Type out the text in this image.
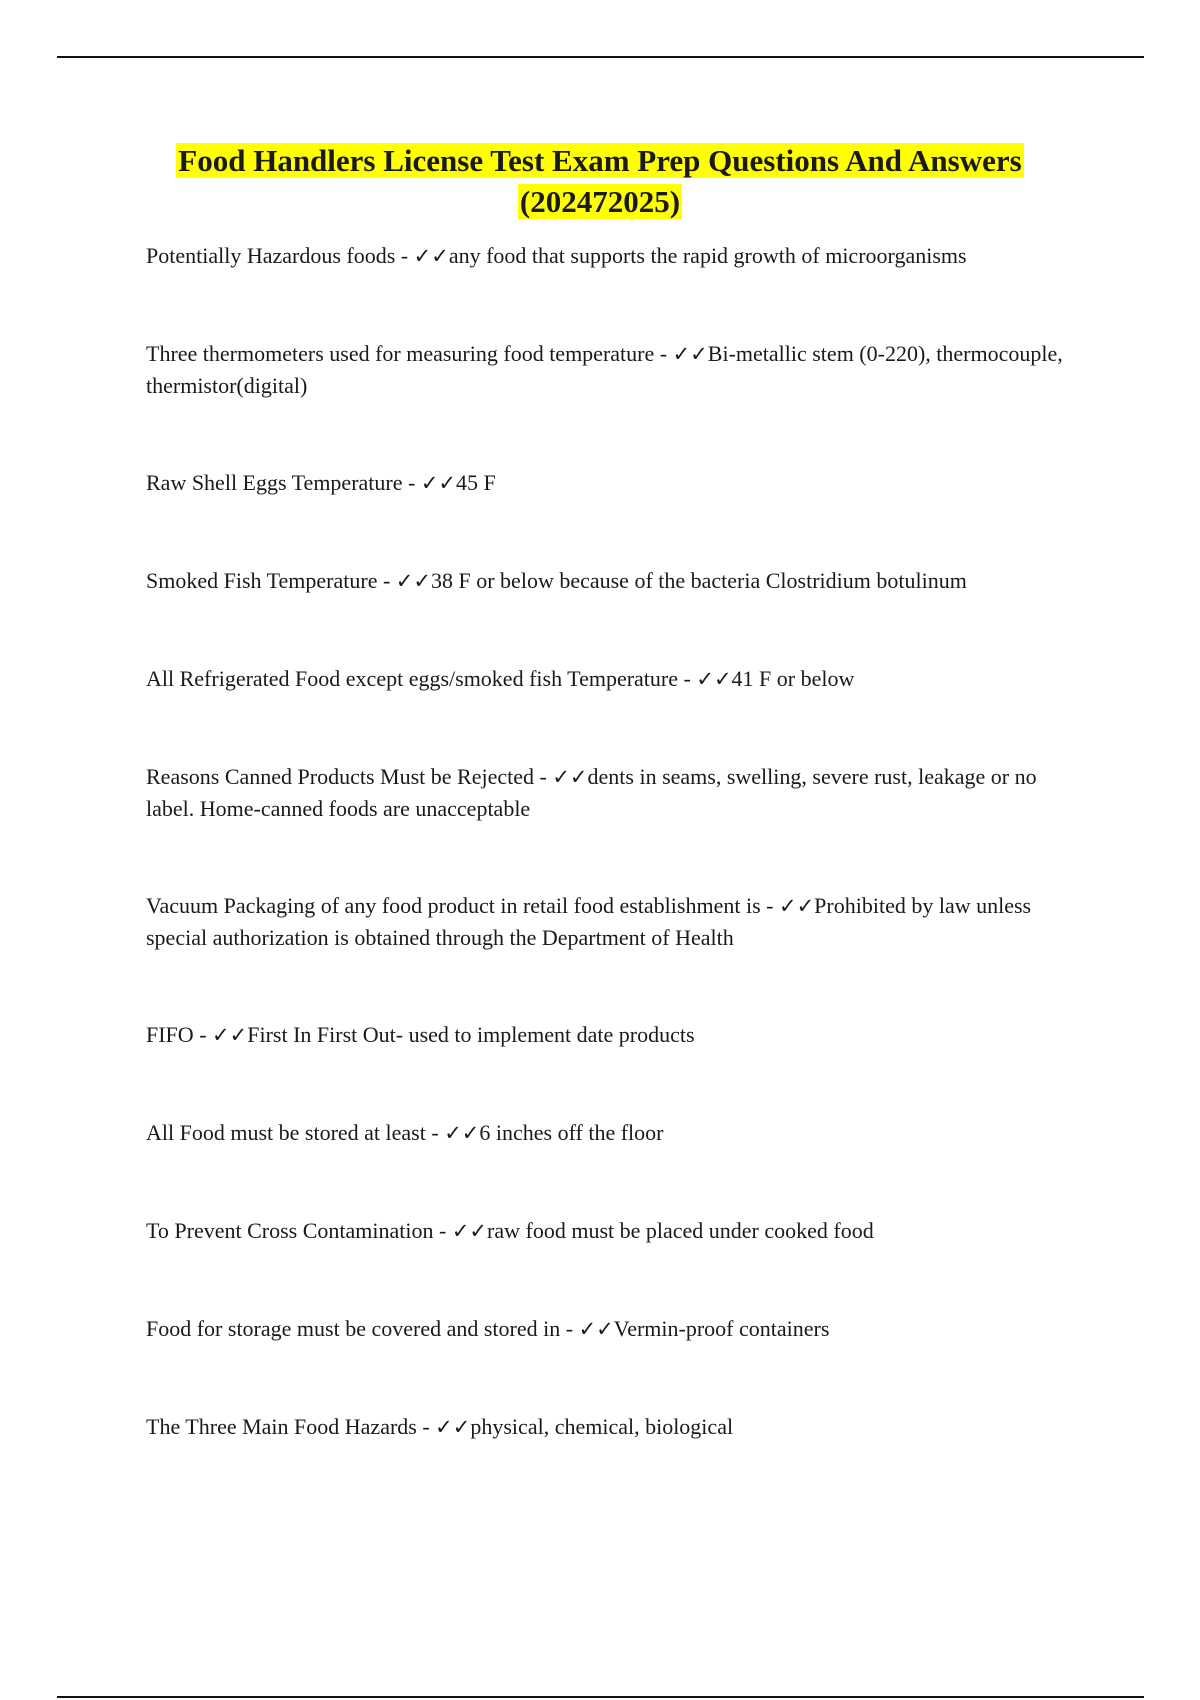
Food Handlers License Test Exam Prep Questions And Answers
(202472025)
Potentially Hazardous foods - ✓✓any food that supports the rapid growth of microorganisms
Three thermometers used for measuring food temperature - ✓✓Bi-metallic stem (0-220), thermocouple, thermistor(digital)
Raw Shell Eggs Temperature - ✓✓45 F
Smoked Fish Temperature - ✓✓38 F or below because of the bacteria Clostridium botulinum
All Refrigerated Food except eggs/smoked fish Temperature - ✓✓41 F or below
Reasons Canned Products Must be Rejected - ✓✓dents in seams, swelling, severe rust, leakage or no label. Home-canned foods are unacceptable
Vacuum Packaging of any food product in retail food establishment is - ✓✓Prohibited by law unless special authorization is obtained through the Department of Health
FIFO - ✓✓First In First Out- used to implement date products
All Food must be stored at least - ✓✓6 inches off the floor
To Prevent Cross Contamination - ✓✓raw food must be placed under cooked food
Food for storage must be covered and stored in - ✓✓Vermin-proof containers
The Three Main Food Hazards - ✓✓physical, chemical, biological
